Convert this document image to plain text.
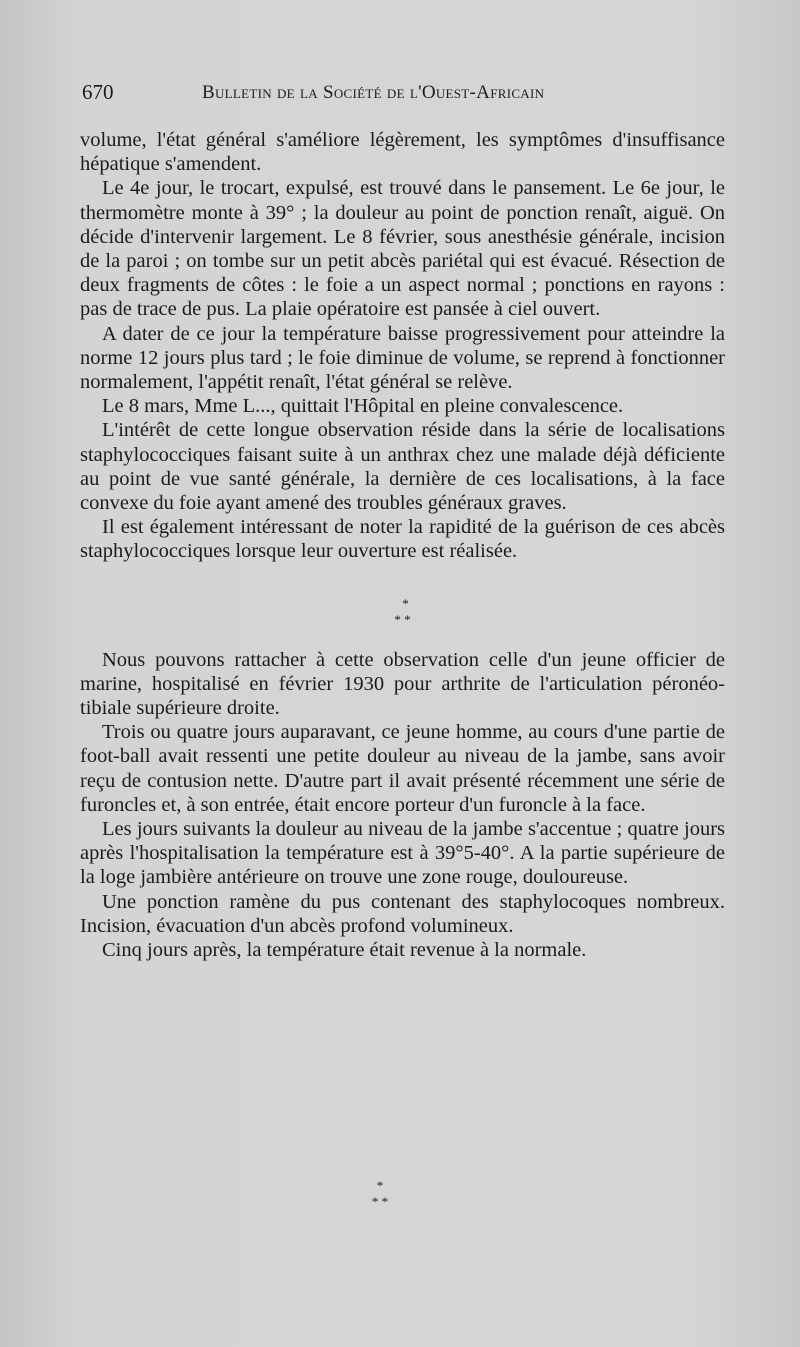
670	Bulletin de la Société de l'Ouest-Africain

volume, l'état général s'améliore légèrement, les symptômes d'insuffisance hépatique s'amendent.

Le 4e jour, le trocart, expulsé, est trouvé dans le pansement. Le 6e jour, le thermomètre monte à 39° ; la douleur au point de ponction renaît, aiguë. On décide d'intervenir largement. Le 8 février, sous anesthésie générale, incision de la paroi ; on tombe sur un petit abcès pariétal qui est évacué. Résection de deux fragments de côtes : le foie a un aspect normal ; ponctions en rayons : pas de trace de pus. La plaie opératoire est pansée à ciel ouvert.

A dater de ce jour la température baisse progressivement pour atteindre la norme 12 jours plus tard ; le foie diminue de volume, se reprend à fonctionner normalement, l'appétit renaît, l'état général se relève.

Le 8 mars, Mme L..., quittait l'Hôpital en pleine convalescence.

L'intérêt de cette longue observation réside dans la série de localisations staphylococciques faisant suite à un anthrax chez une malade déjà déficiente au point de vue santé générale, la dernière de ces localisations, à la face convexe du foie ayant amené des troubles généraux graves.

Il est également intéressant de noter la rapidité de la guérison de ces abcès staphylococciques lorsque leur ouverture est réalisée.

*
* *

Nous pouvons rattacher à cette observation celle d'un jeune officier de marine, hospitalisé en février 1930 pour arthrite de l'articulation péronéo-tibiale supérieure droite.

Trois ou quatre jours auparavant, ce jeune homme, au cours d'une partie de foot-ball avait ressenti une petite douleur au niveau de la jambe, sans avoir reçu de contusion nette. D'autre part il avait présenté récemment une série de furoncles et, à son entrée, était encore porteur d'un furoncle à la face.

Les jours suivants la douleur au niveau de la jambe s'accentue ; quatre jours après l'hospitalisation la température est à 39°5-40°. A la partie supérieure de la loge jambière antérieure on trouve une zone rouge, douloureuse.

Une ponction ramène du pus contenant des staphylocoques nombreux. Incision, évacuation d'un abcès profond volumineux.

Cinq jours après, la température était revenue à la normale.

*
* *
